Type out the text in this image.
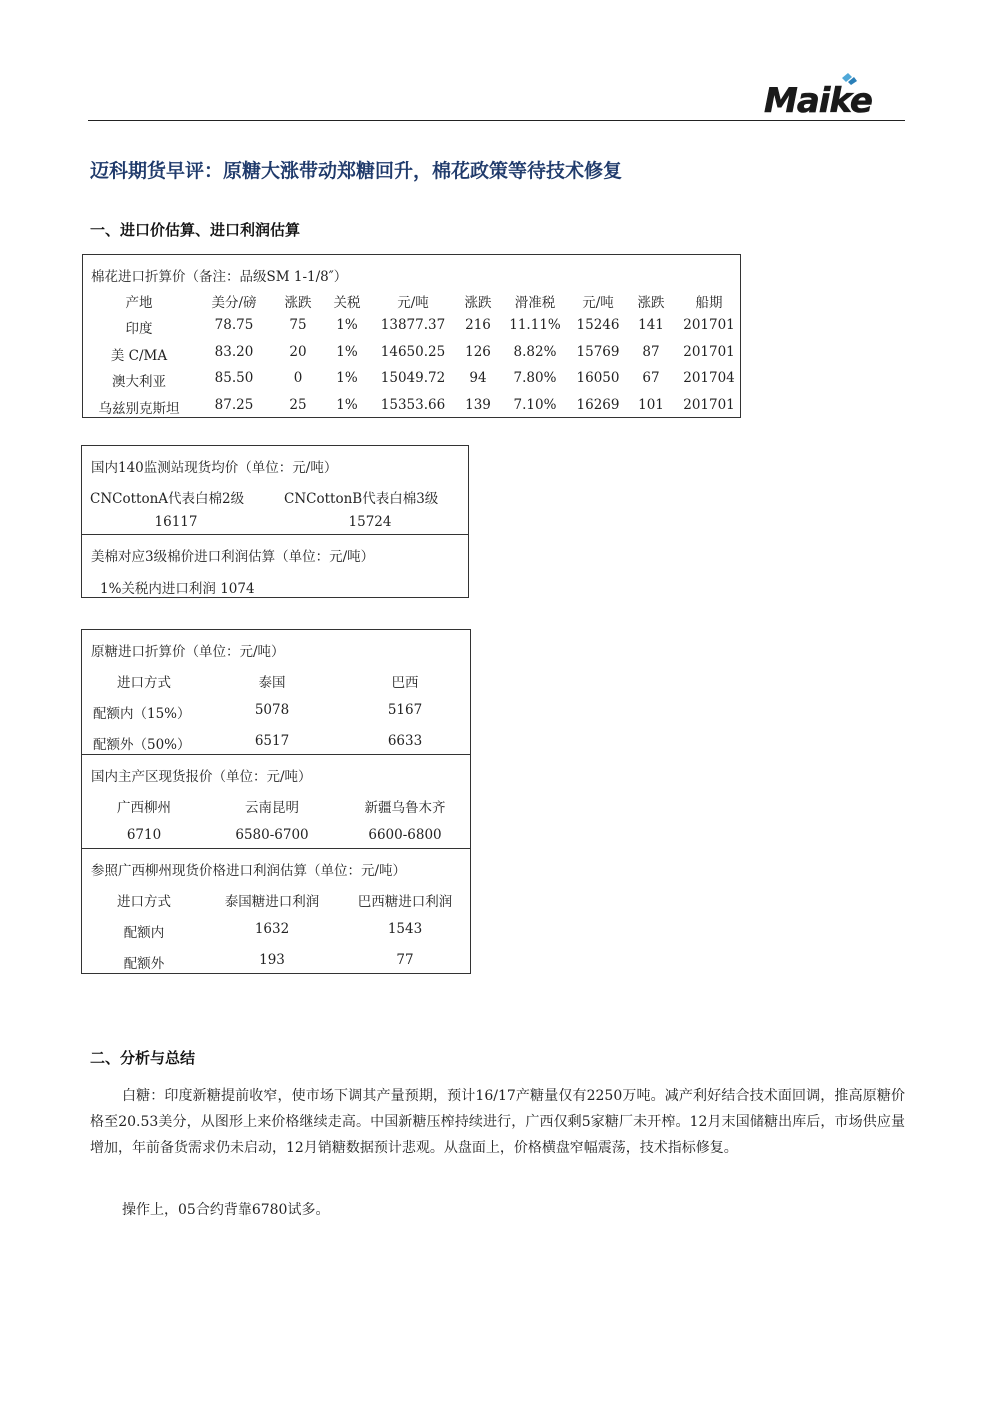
Maike
迈科期货早评：原糖大涨带动郑糖回升，棉花政策等待技术修复
一、进口价估算、进口利润估算
棉花进口折算价（备注：品级SM 1-1/8″）
产地	美分/磅 涨跌 关税	元/吨	涨跌 滑准税 元/吨 涨跌 船期
印度	78.75	75 1% 13877.37 216 11.11% 15246 141 201701
美 C/MA	83.20	20 1% 14650.25 126 8.82% 15769 87 201701
澳大利亚	85.50	0	1% 15049.72 94 7.80% 16050 67 201704
乌兹别克斯坦	87.25	25 1% 15353.66 139 7.10% 16269 101 201701
国内140监测站现货均价（单位：元/吨）
CNCottonA代表白棉2级	CNCottonB代表白棉3级
16117	15724
美棉对应3级棉价进口利润估算（单位：元/吨）
1%关税内进口利润 1074
原糖进口折算价（单位：元/吨）
进口方式	泰国	巴西
配额内（15%）	5078	5167
配额外（50%）	6517	6633
国内主产区现货报价（单位：元/吨）
广西柳州	云南昆明	新疆乌鲁木齐
6710	6580-6700	6600-6800
参照广西柳州现货价格进口利润估算（单位：元/吨）
进口方式	泰国糖进口利润	巴西糖进口利润
配额内	1632	1543
配额外	193	77
二、分析与总结
白糖：印度新糖提前收窄，使市场下调其产量预期，预计16/17产糖量仅有2250万吨。减产利好结合技术面回调，推高原糖价格至20.53美分，从图形上来价格继续走高。中国新糖压榨持续进行，广西仅剩5家糖厂未开榨。12月末国储糖出库后，市场供应量增加，年前备货需求仍未启动，12月销糖数据预计悲观。从盘面上，价格横盘窄幅震荡，技术指标修复。
操作上，05合约背靠6780试多。
